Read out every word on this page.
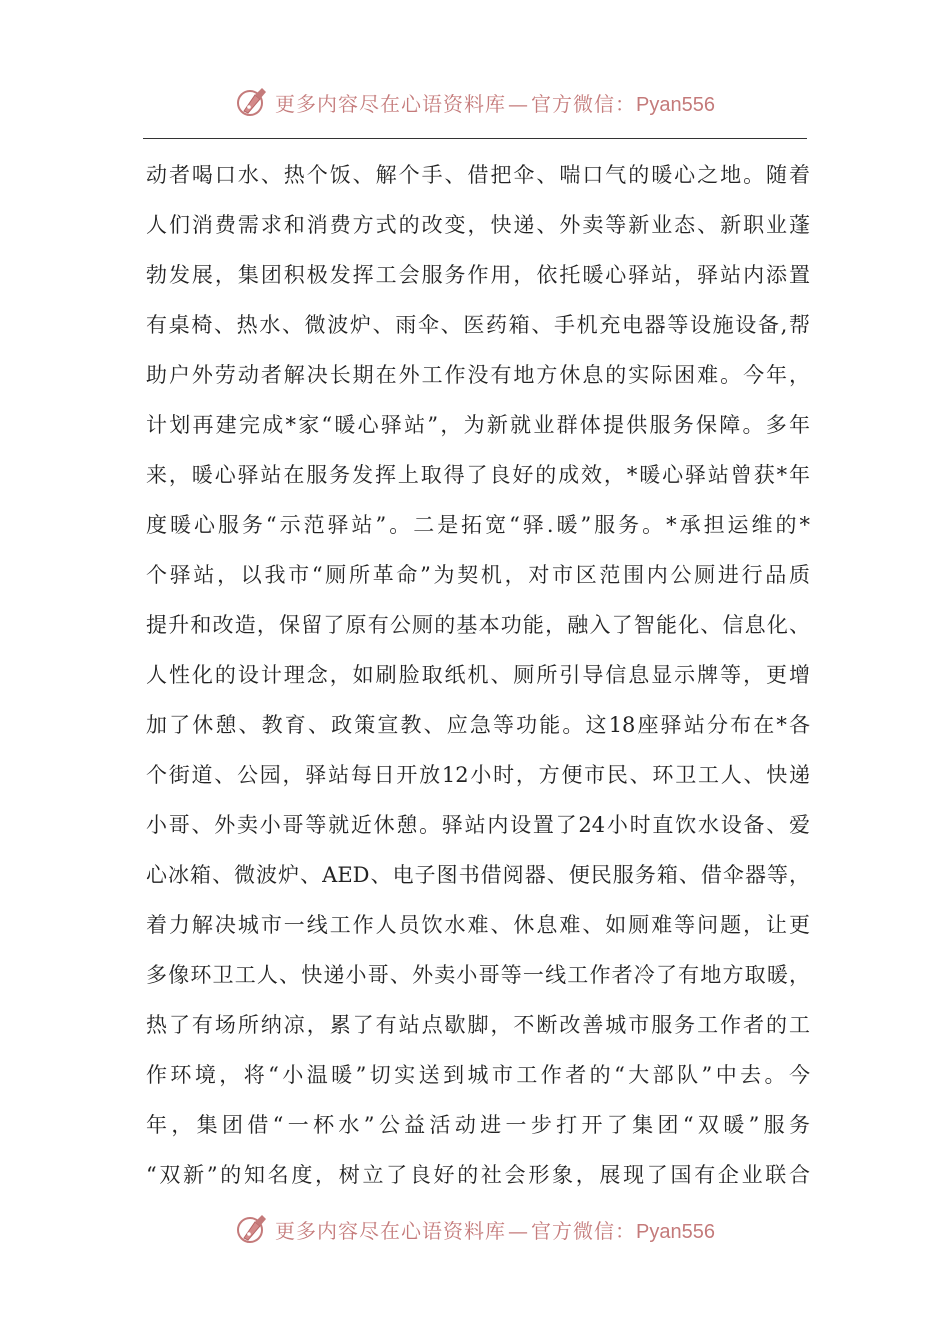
更多内容尽在心语资料库 — 官方微信：Pyan556
动者喝口水、热个饭、解个手、借把伞、喘口气的暖心之地。随着
人们消费需求和消费方式的改变，快递、外卖等新业态、新职业蓬
勃发展，集团积极发挥工会服务作用，依托暖心驿站，驿站内添置
有桌椅、热水、微波炉、雨伞、医药箱、手机充电器等设施设备,帮
助户外劳动者解决长期在外工作没有地方休息的实际困难。今年，
计划再建完成*家“暖心驿站”，为新就业群体提供服务保障。多年
来，暖心驿站在服务发挥上取得了良好的成效，*暖心驿站曾获*年
度暖心服务“示范驿站”。二是拓宽“驿.暖”服务。*承担运维的*
个驿站，以我市“厕所革命”为契机，对市区范围内公厕进行品质
提升和改造，保留了原有公厕的基本功能，融入了智能化、信息化、
人性化的设计理念，如刷脸取纸机、厕所引导信息显示牌等，更增
加了休憩、教育、政策宣教、应急等功能。这18座驿站分布在*各
个街道、公园，驿站每日开放12小时，方便市民、环卫工人、快递
小哥、外卖小哥等就近休憩。驿站内设置了24小时直饮水设备、爱
心冰箱、微波炉、AED、电子图书借阅器、便民服务箱、借伞器等，
着力解决城市一线工作人员饮水难、休息难、如厕难等问题，让更
多像环卫工人、快递小哥、外卖小哥等一线工作者冷了有地方取暖，
热了有场所纳凉，累了有站点歇脚，不断改善城市服务工作者的工
作环境，将“小温暖”切实送到城市工作者的“大部队”中去。今
年，集团借“一杯水”公益活动进一步打开了集团“双暖”服务
“双新”的知名度，树立了良好的社会形象，展现了国有企业联合
更多内容尽在心语资料库 — 官方微信：Pyan556
